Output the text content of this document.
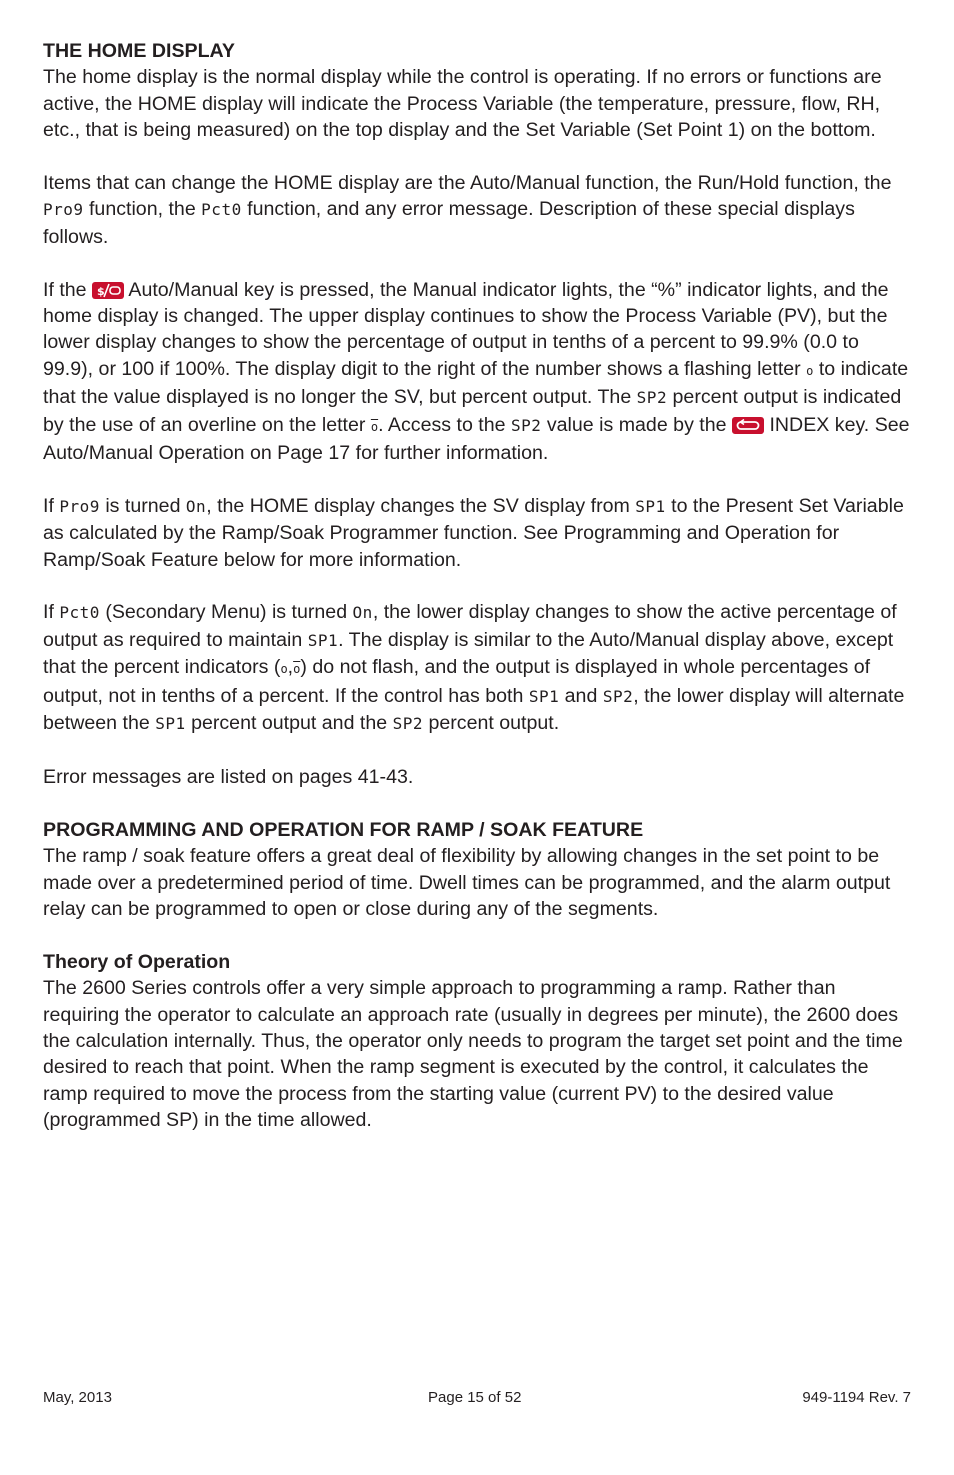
THE HOME DISPLAY

The home display is the normal display while the control is operating. If no errors or functions are active, the HOME display will indicate the Process Variable (the temperature, pressure, flow, RH, etc., that is being measured) on the top display and the Set Variable (Set Point 1) on the bottom.

Items that can change the HOME display are the Auto/Manual function, the Run/Hold function, the Pro9 function, the Pct0 function, and any error message. Description of these special displays follows.

If the $ Auto/Manual key is pressed, the Manual indicator lights, the “%” indicator lights, and the home display is changed. The upper display continues to show the Process Variable (PV), but the lower display changes to show the percentage of output in tenths of a percent to 99.9% (0.0 to 99.9), or 100 if 100%. The display digit to the right of the number shows a flashing letter o to indicate that the value displayed is no longer the SV, but percent output. The SP2 percent output is indicated by the use of an overline on the letter $\overline{o}$. Access to the SP2 value is made by the
INDEX key. See Auto/Manual Operation on Page 17 for further information.

If Pro9 is turned On, the HOME display changes the SV display from SP1 to the Present Set Variable as calculated by the Ramp/Soak Programmer function. See Programming and Operation for Ramp/Soak Feature below for more information.

If Pct0 (Secondary Menu) is turned On, the lower display changes to show the active percentage of output as required to maintain SP1. The display is similar to the Auto/Manual display above, except that the percent indicators $(o,\overline{o})$ do not flash, and the output is displayed in whole percentages of output, not in tenths of a percent. If the control has both SP1 and SP2, the lower display will alternate between the SP1 percent output and the SP2 percent output.

Error messages are listed on pages 41-43.

PROGRAMMING AND OPERATION FOR RAMP / SOAK FEATURE

The ramp / soak feature offers a great deal of flexibility by allowing changes in the set point to be made over a predetermined period of time. Dwell times can be programmed, and the alarm output relay can be programmed to open or close during any of the segments.

Theory of Operation

The 2600 Series controls offer a very simple approach to programming a ramp. Rather than requiring the operator to calculate an approach rate (usually in degrees per minute), the 2600 does the calculation internally. Thus, the operator only needs to program the target set point and the time desired to reach that point. When the ramp segment is executed by the control, it calculates the ramp required to move the process from the starting value (current PV) to the desired value (programmed SP) in the time allowed.

May, 2013	Page 15 of 52	949-1194 Rev. 7
